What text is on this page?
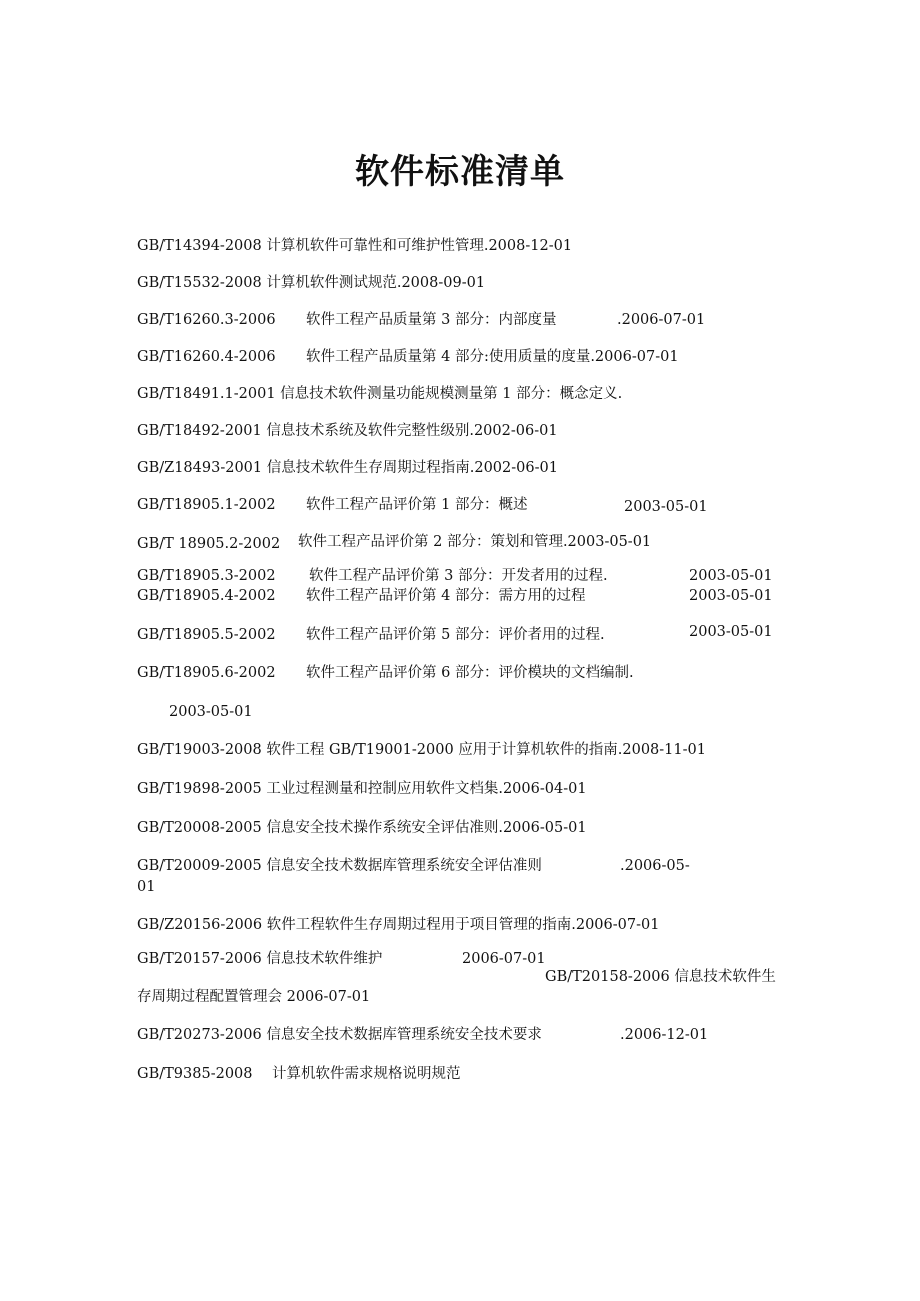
软件标准清单

GB/T14394-2008 计算机软件可靠性和可维护性管理.2008-12-01

GB/T15532-2008 计算机软件测试规范.2008-09-01

GB/T16260.3-2006 软件工程产品质量第 3 部分：内部度量	.2006-07-01

GB/T16260.4-2006 软件工程产品质量第 4 部分:使用质量的度量.2006-07-01

GB/T18491.1-2001 信息技术软件测量功能规模测量第 1 部分：概念定义.

GB/T18492-2001 信息技术系统及软件完整性级别.2002-06-01

GB/Z18493-2001 信息技术软件生存周期过程指南.2002-06-01

GB/T18905.1-2002 软件工程产品评价第 1 部分：概述	2003-05-01

GB/T 18905.2-2002 软件工程产品评价第 2 部分：策划和管理.2003-05-01

GB/T18905.3-2002 软件工程产品评价第 3 部分：开发者用的过程.	2003-05-01

GB/T18905.4-2002 软件工程产品评价第 4 部分：需方用的过程	2003-05-01

GB/T18905.5-2002 软件工程产品评价第 5 部分：评价者用的过程.	2003-05-01

GB/T18905.6-2002 软件工程产品评价第 6 部分：评价模块的文档编制.

2003-05-01

GB/T19003-2008 软件工程 GB/T19001-2000 应用于计算机软件的指南.2008-11-01

GB/T19898-2005 工业过程测量和控制应用软件文档集.2006-04-01

GB/T20008-2005 信息安全技术操作系统安全评估准则.2006-05-01

GB/T20009-2005 信息安全技术数据库管理系统安全评估准则	.2006-05-

01

GB/Z20156-2006 软件工程软件生存周期过程用于项目管理的指南.2006-07-01

GB/T20157-2006 信息技术软件维护	2006-07-01

GB/T20158-2006 信息技术软件生

存周期过程配置管理会 2006-07-01

GB/T20273-2006 信息安全技术数据库管理系统安全技术要求	.2006-12-01

GB/T9385-2008 计算机软件需求规格说明规范
